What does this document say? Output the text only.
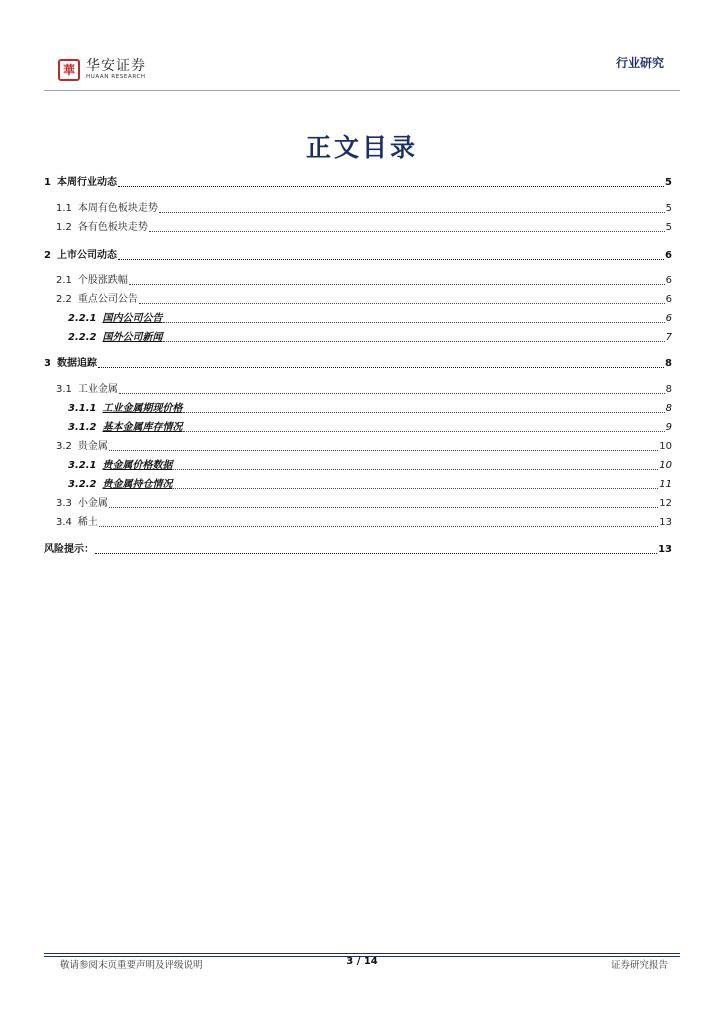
華 华安证券
HUAAN RESEARCH
行业研究
正文目录
1 本周行业动态	5
1.1 本周有色板块走势	5
1.2 各有色板块走势	5
2 上市公司动态	6
2.1 个股涨跌幅	6
2.2 重点公司公告	6
2.2.1 国内公司公告	6
2.2.2 国外公司新闻	7
3 数据追踪	8
3.1 工业金属	8
3.1.1 工业金属期现价格	8
3.1.2 基本金属库存情况	9
3.2 贵金属	10
3.2.1 贵金属价格数据	10
3.2.2 贵金属持仓情况	11
3.3 小金属	12
3.4 稀土	13
风险提示：	13
敬请参阅末页重要声明及评级说明	3 / 14	证券研究报告
